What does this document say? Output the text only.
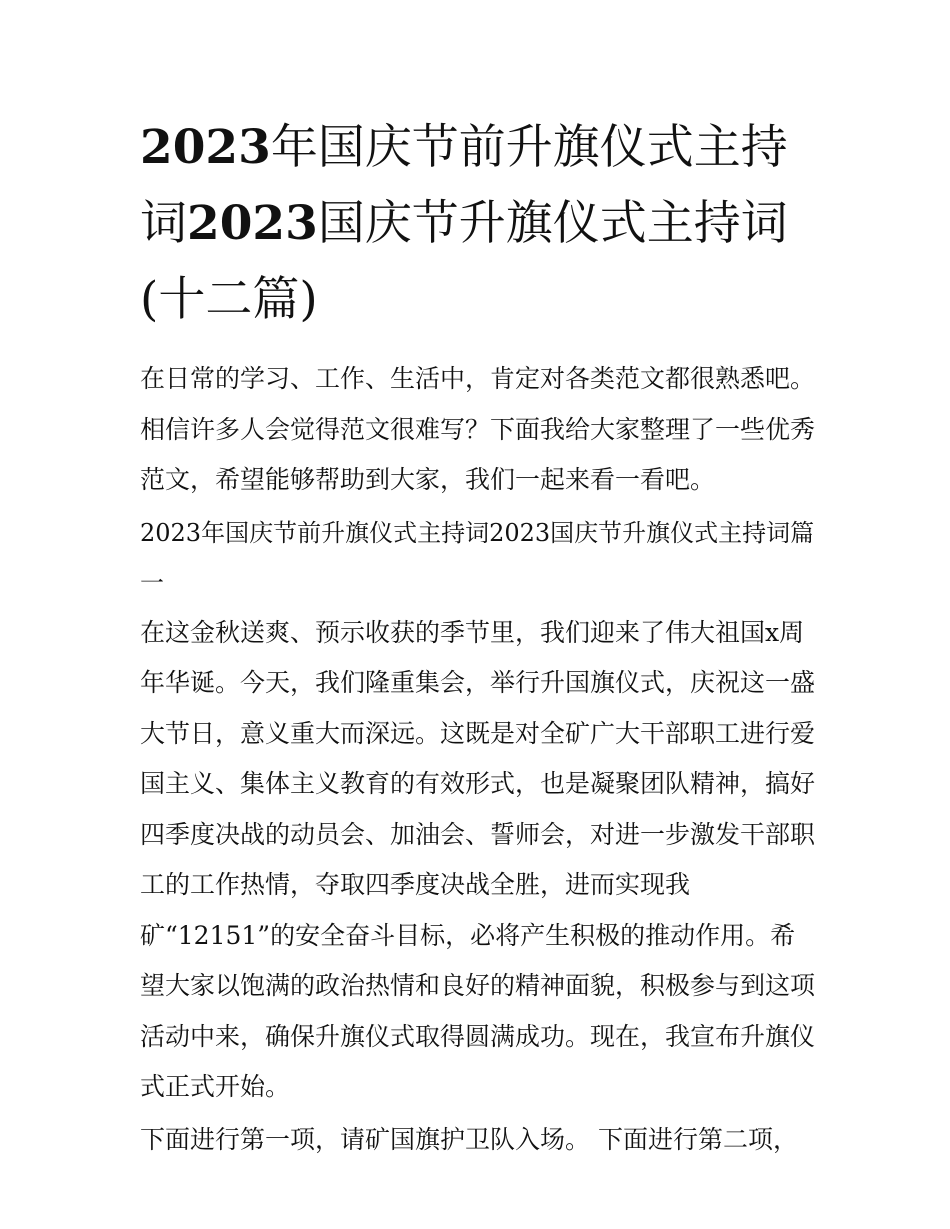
2023年国庆节前升旗仪式主持词2023国庆节升旗仪式主持词(十二篇)

在日常的学习、工作、生活中，肯定对各类范文都很熟悉吧。相信许多人会觉得范文很难写？下面我给大家整理了一些优秀范文，希望能够帮助到大家，我们一起来看一看吧。

2023年国庆节前升旗仪式主持词2023国庆节升旗仪式主持词篇一

在这金秋送爽、预示收获的季节里，我们迎来了伟大祖国x周年华诞。今天，我们隆重集会，举行升国旗仪式，庆祝这一盛大节日，意义重大而深远。这既是对全矿广大干部职工进行爱国主义、集体主义教育的有效形式，也是凝聚团队精神，搞好四季度决战的动员会、加油会、誓师会，对进一步激发干部职工的工作热情，夺取四季度决战全胜，进而实现我矿“12151”的安全奋斗目标，必将产生积极的推动作用。希望大家以饱满的政治热情和良好的精神面貌，积极参与到这项活动中来，确保升旗仪式取得圆满成功。现在，我宣布升旗仪式正式开始。

下面进行第一项，请矿国旗护卫队入场。 下面进行第二项，
